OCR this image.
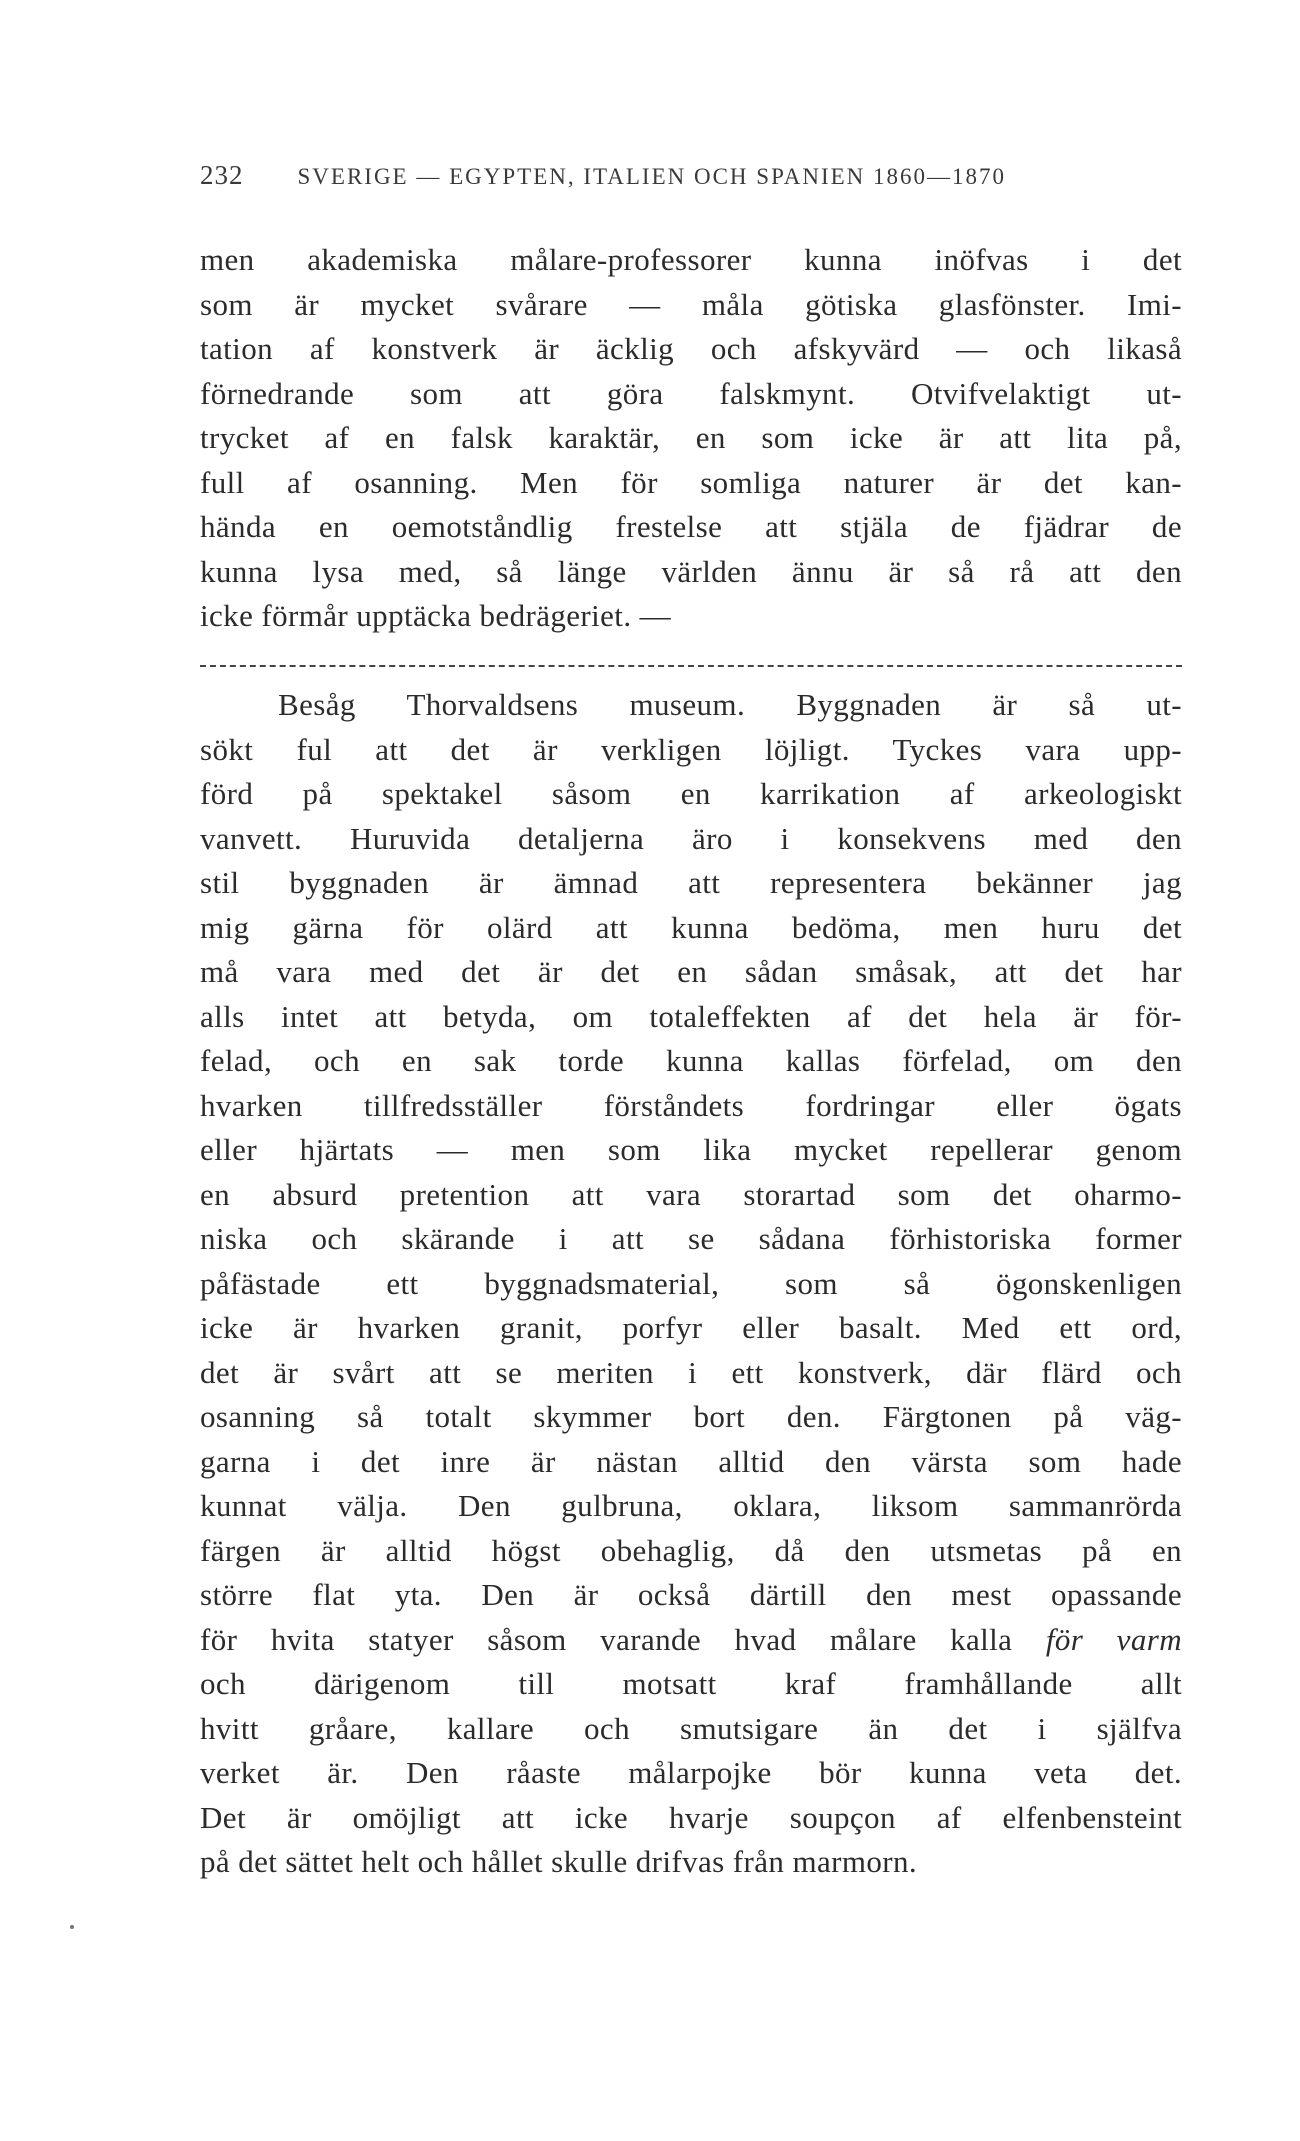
232 SVERIGE — EGYPTEN, ITALIEN OCH SPANIEN 1860—1870
men akademiska målare-professorer kunna inöfvas i det
som är mycket svårare — måla götiska glasfönster. Imi-
tation af konstverk är äcklig och afskyvärd — och likaså
förnedrande som att göra falskmynt. Otvifvelaktigt ut-
trycket af en falsk karaktär, en som icke är att lita på,
full af osanning. Men för somliga naturer är det kan-
hända en oemotståndlig frestelse att stjäla de fjädrar de
kunna lysa med, så länge världen ännu är så rå att den
icke förmår upptäcka bedrägeriet. —
Besåg Thorvaldsens museum. Byggnaden är så ut-
sökt ful att det är verkligen löjligt. Tyckes vara upp-
förd på spektakel såsom en karrikation af arkeologiskt
vanvett. Huruvida detaljerna äro i konsekvens med den
stil byggnaden är ämnad att representera bekänner jag
mig gärna för olärd att kunna bedöma, men huru det
må vara med det är det en sådan småsak, att det har
alls intet att betyda, om totaleffekten af det hela är för-
felad, och en sak torde kunna kallas förfelad, om den
hvarken tillfredsställer förståndets fordringar eller ögats
eller hjärtats — men som lika mycket repellerar genom
en absurd pretention att vara storartad som det oharmo-
niska och skärande i att se sådana förhistoriska former
påfästade ett byggnadsmaterial, som så ögonskenligen
icke är hvarken granit, porfyr eller basalt. Med ett ord,
det är svårt att se meriten i ett konstverk, där flärd och
osanning så totalt skymmer bort den. Färgtonen på väg-
garna i det inre är nästan alltid den värsta som hade
kunnat välja. Den gulbruna, oklara, liksom sammanrörda
färgen är alltid högst obehaglig, då den utsmetas på en
större flat yta. Den är också därtill den mest opassande
för hvita statyer såsom varande hvad målare kalla för varm
och därigenom till motsatt kraf framhållande allt
hvitt gråare, kallare och smutsigare än det i själfva
verket är. Den råaste målarpojke bör kunna veta det.
Det är omöjligt att icke hvarje soupçon af elfenbensteint
på det sättet helt och hållet skulle drifvas från marmorn.
